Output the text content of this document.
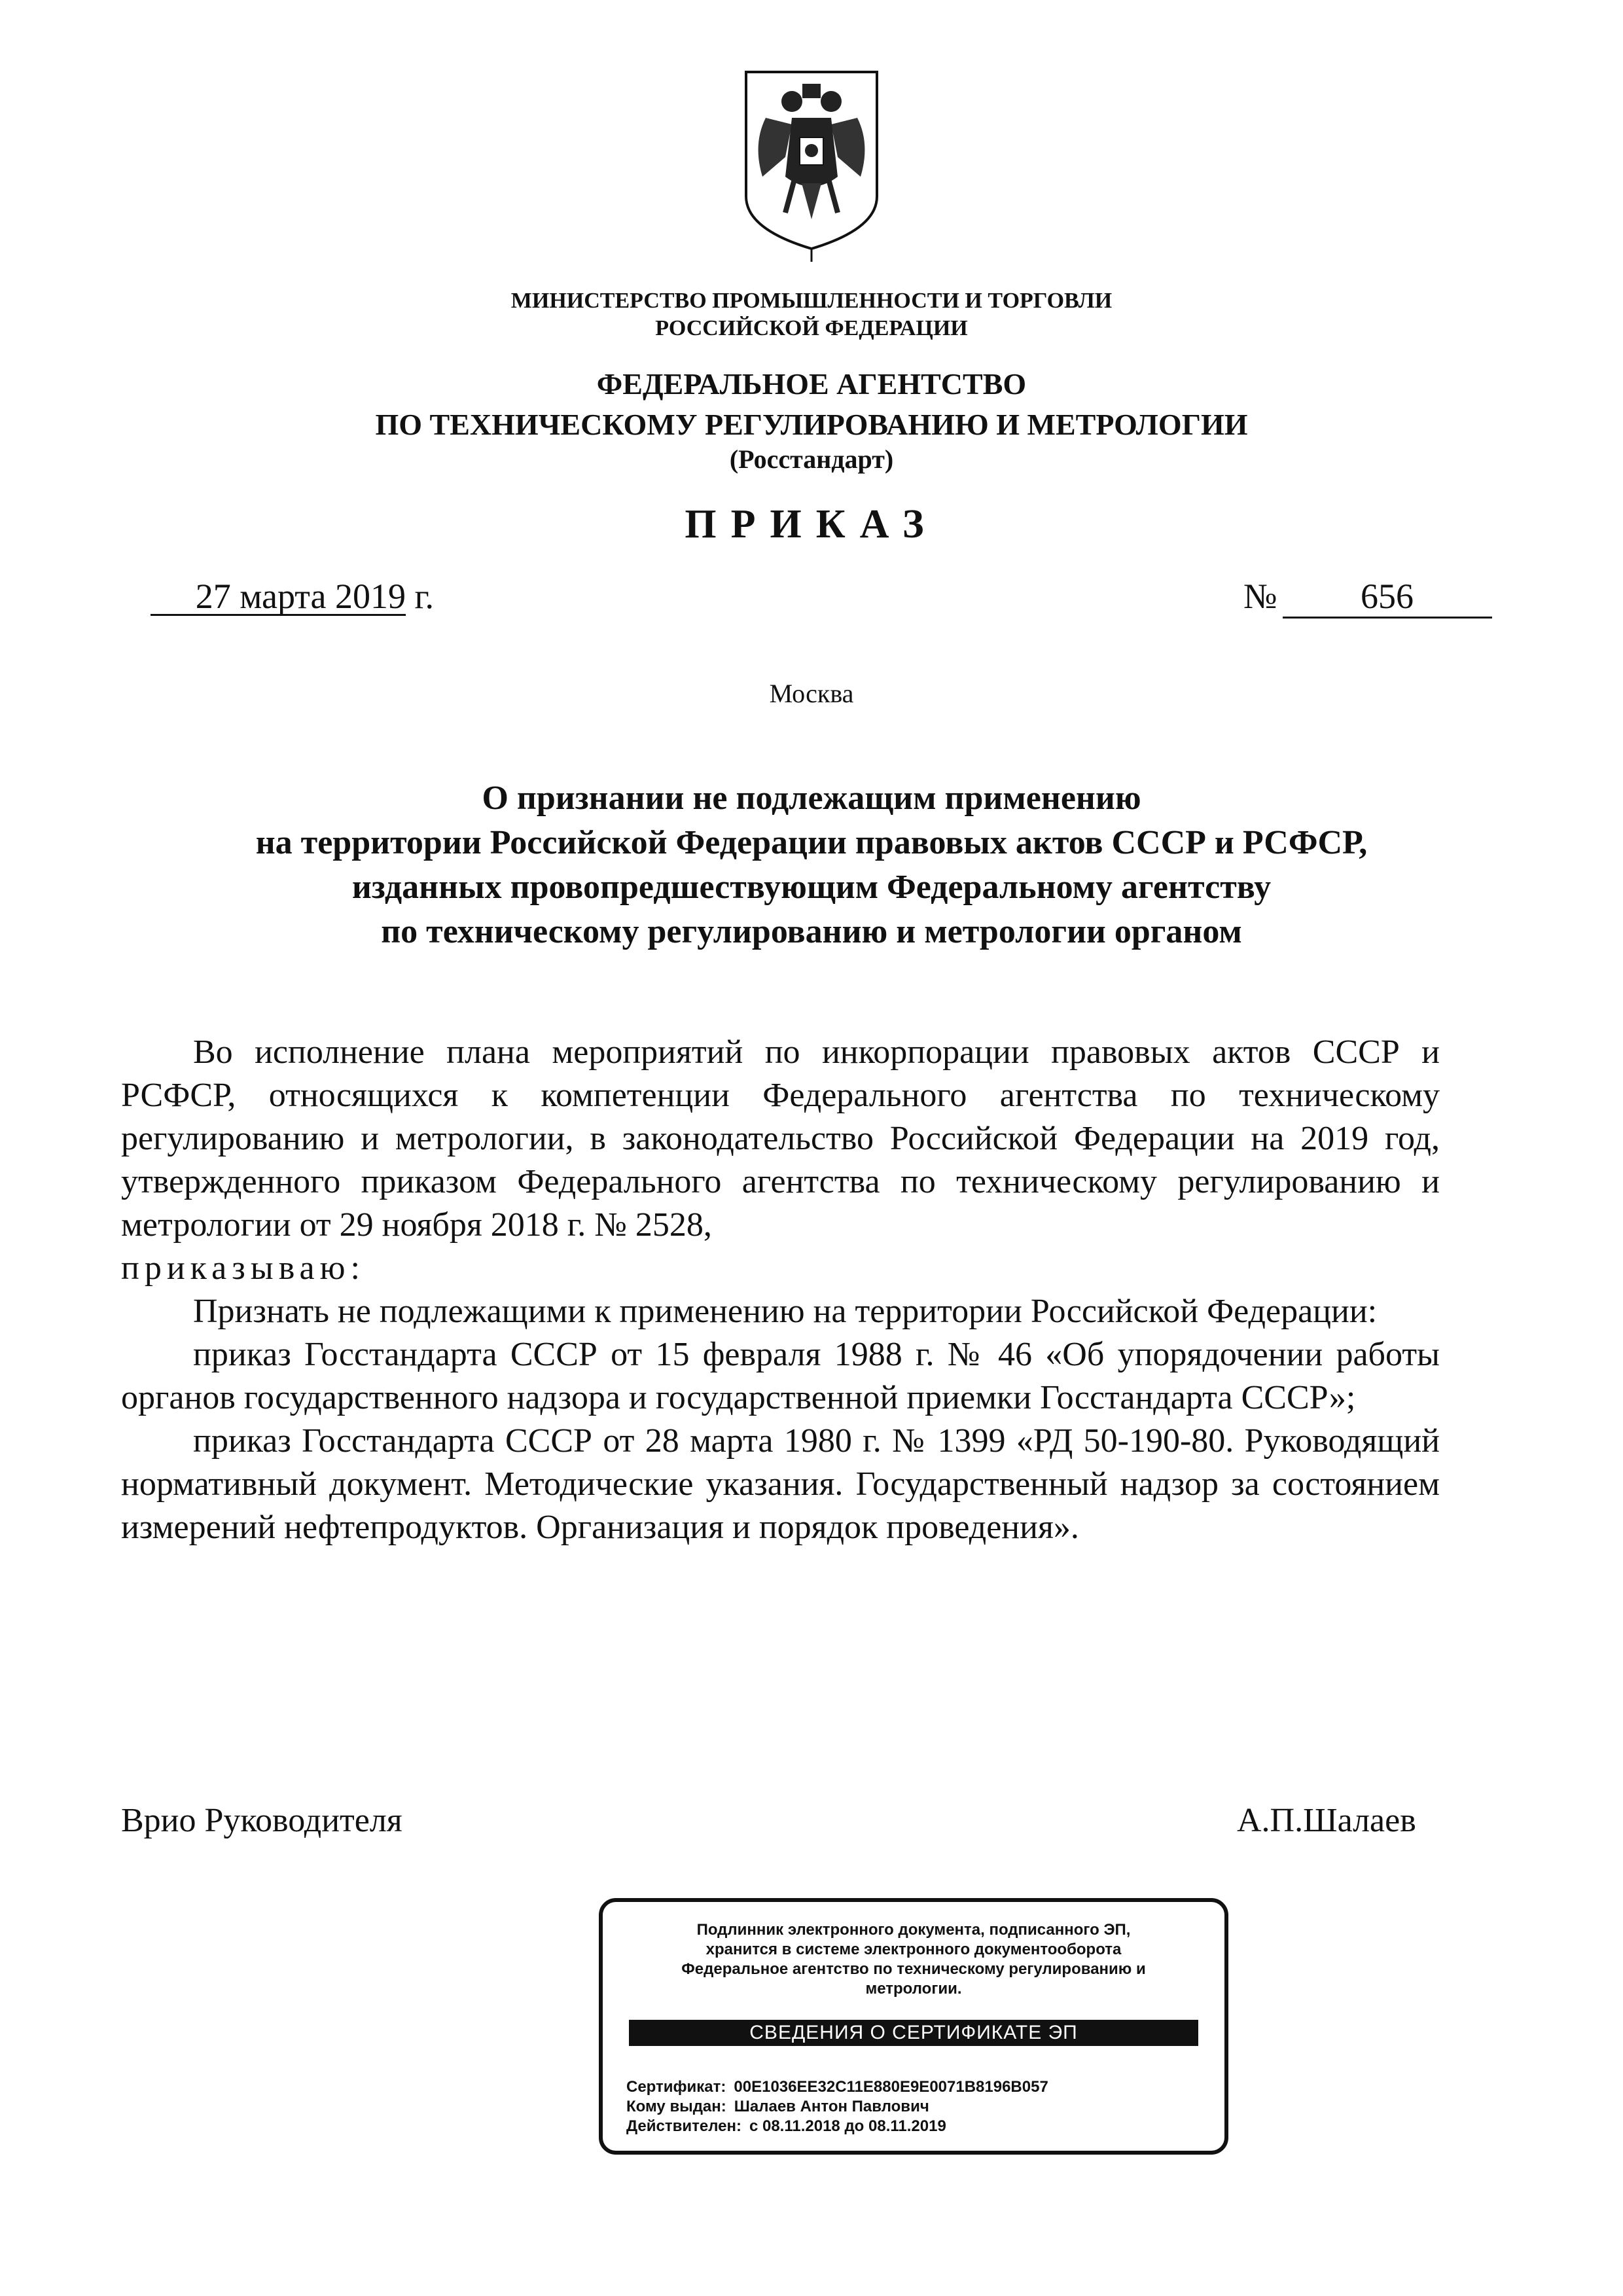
МИНИСТЕРСТВО ПРОМЫШЛЕННОСТИ И ТОРГОВЛИ
РОССИЙСКОЙ ФЕДЕРАЦИИ
ФЕДЕРАЛЬНОЕ АГЕНТСТВО
ПО ТЕХНИЧЕСКОМУ РЕГУЛИРОВАНИЮ И МЕТРОЛОГИИ
(Росстандарт)
ПРИКАЗ
27 марта 2019 г.	№ 656
Москва
О признании не подлежащим применению
на территории Российской Федерации правовых актов СССР и РСФСР,
изданных провопредшествующим Федеральному агентству
по техническому регулированию и метрологии органом

Во исполнение плана мероприятий по инкорпорации правовых актов СССР и РСФСР, относящихся к компетенции Федерального агентства по техническому регулированию и метрологии, в законодательство Российской Федерации на 2019 год, утвержденного приказом Федерального агентства по техническому регулированию и метрологии от 29 ноября 2018 г. № 2528,
приказываю:

Признать не подлежащими к применению на территории Российской Федерации:

приказ Госстандарта СССР от 15 февраля 1988 г. № 46 «Об упорядочении работы органов государственного надзора и государственной приемки Госстандарта СССР»;

приказ Госстандарта СССР от 28 марта 1980 г. № 1399 «РД 50-190-80. Руководящий нормативный документ. Методические указания. Государственный надзор за состоянием измерений нефтепродуктов. Организация и порядок проведения».

Врио Руководителя	А.П.Шалаев
Подлинник электронного документа, подписанного ЭП,
хранится в системе электронного документооборота
Федеральное агентство по техническому регулированию и
метрологии.
СВЕДЕНИЯ О СЕРТИФИКАТЕ ЭП
Сертификат: 00E1036EE32C11E880E9E0071B8196B057
Кому выдан: Шалаев Антон Павлович
Действителен: с 08.11.2018 до 08.11.2019
